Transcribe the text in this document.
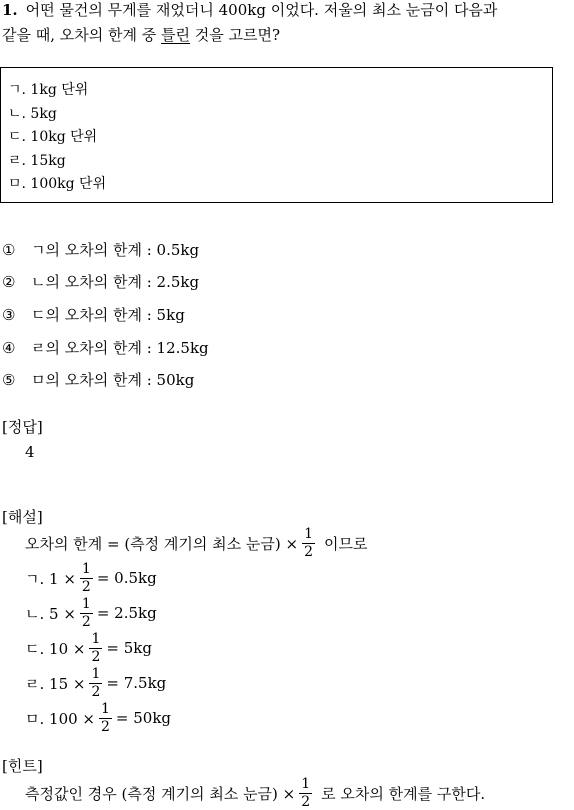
1. 어떤 물건의 무게를 재었더니 400kg 이었다. 저울의 최소 눈금이 다음과
같을 때, 오차의 한계 중 틀린 것을 고르면?
ㄱ. 1kg 단위
ㄴ. 5kg
ㄷ. 10kg 단위
ㄹ. 15kg
ㅁ. 100kg 단위
① ㄱ의 오차의 한계 : 0.5kg
② ㄴ의 오차의 한계 : 2.5kg
③ ㄷ의 오차의 한계 : 5kg
④ ㄹ의 오차의 한계 : 12.5kg
⑤ ㅁ의 오차의 한계 : 50kg
[정답]
4
[해설]
오차의 한계 = (측정 계기의 최소 눈금) × $\frac{1}{2}$ 이므로
ㄱ. $1 \times \frac{1}{2} = 0.5kg$
ㄴ. $5 \times \frac{1}{2} = 2.5kg$
ㄷ. $10 \times \frac{1}{2} = 5kg$
ㄹ. $15 \times \frac{1}{2} = 7.5kg$
ㅁ. $100 \times \frac{1}{2} = 50kg$
[힌트]
측정값인 경우 (측정 계기의 최소 눈금) × $\frac{1}{2}$ 로 오차의 한계를 구한다.
